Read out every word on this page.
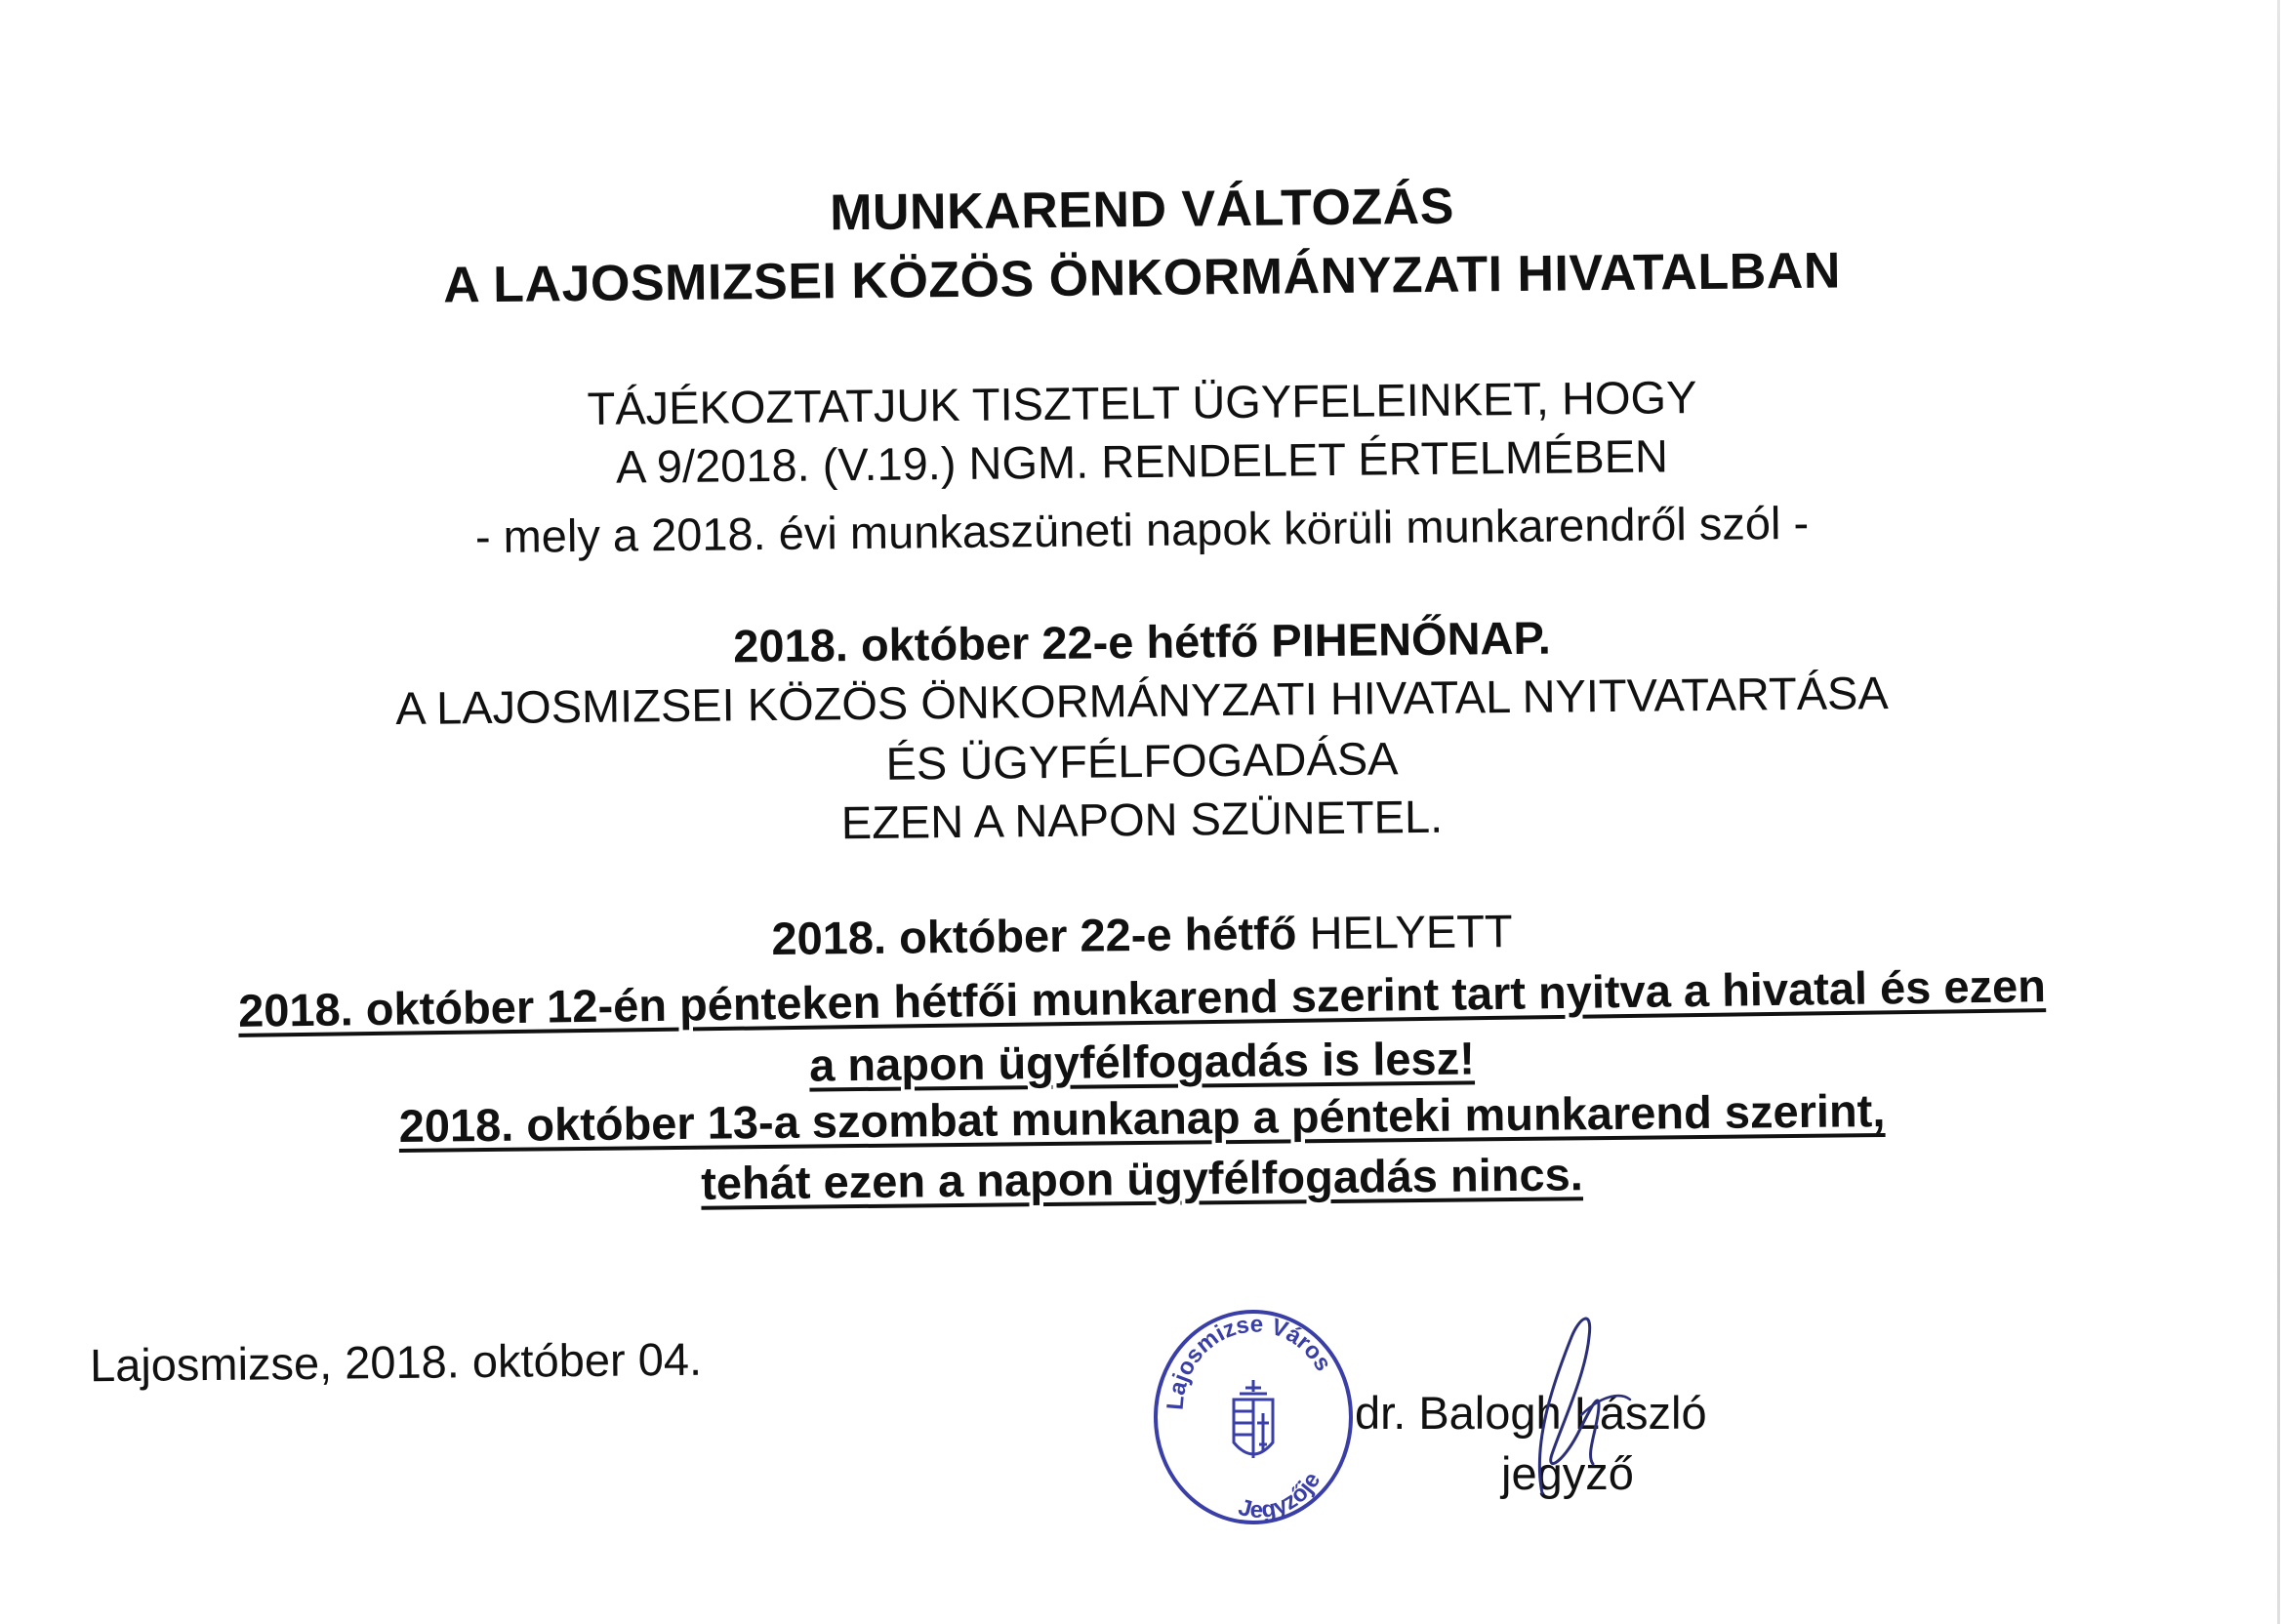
MUNKAREND VÁLTOZÁS
A LAJOSMIZSEI KÖZÖS ÖNKORMÁNYZATI HIVATALBAN
TÁJÉKOZTATJUK TISZTELT ÜGYFELEINKET, HOGY
A 9/2018. (V.19.) NGM. RENDELET ÉRTELMÉBEN
- mely a 2018. évi munkaszüneti napok körüli munkarendről szól -
2018. október 22-e hétfő PIHENŐNAP.
A LAJOSMIZSEI KÖZÖS ÖNKORMÁNYZATI HIVATAL NYITVATARTÁSA
ÉS ÜGYFÉLFOGADÁSA
EZEN A NAPON SZÜNETEL.
2018. október 22-e hétfő HELYETT
2018. október 12-én pénteken hétfői munkarend szerint tart nyitva a hivatal és ezen
a napon ügyfélfogadás is lesz!
2018. október 13-a szombat munkanap a pénteki munkarend szerint,
tehát ezen a napon ügyfélfogadás nincs.
Lajosmizse, 2018. október 04.
dr. Balogh László
jegyző
Lajosmizse Város
Jegyzője
